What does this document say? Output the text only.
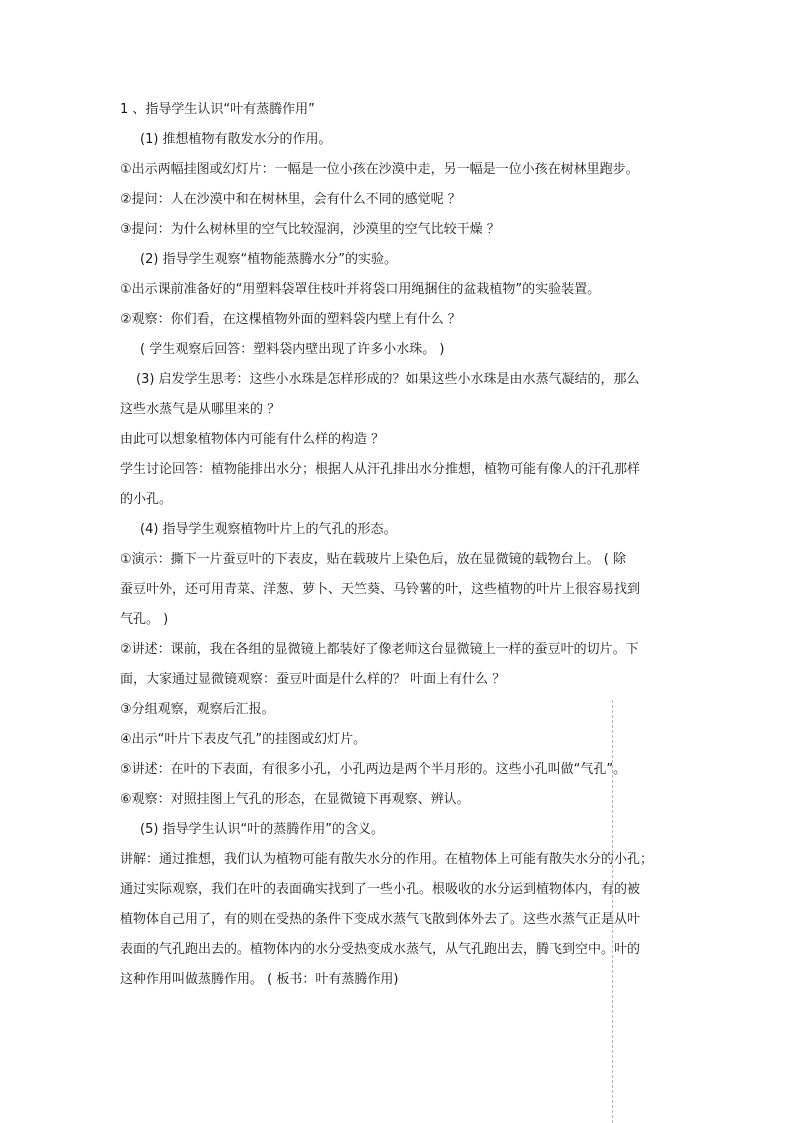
1 、指导学生认识“叶有蒸腾作用”
(1) 推想植物有散发水分的作用。
①出示两幅挂图或幻灯片：一幅是一位小孩在沙漠中走，另一幅是一位小孩在树林里跑步。
②提问：人在沙漠中和在树林里，会有什么不同的感觉呢 ？
③提问：为什么树林里的空气比较湿润，沙漠里的空气比较干燥 ？
(2) 指导学生观察“植物能蒸腾水分”的实验。
①出示课前准备好的“用塑料袋罩住枝叶并将袋口用绳捆住的盆栽植物”的实验装置。
②观察：你们看，在这棵植物外面的塑料袋内壁上有什么 ？
( 学生观察后回答：塑料袋内壁出现了许多小水珠。 )
(3) 启发学生思考：这些小水珠是怎样形成的？如果这些小水珠是由水蒸气凝结的，那么
这些水蒸气是从哪里来的 ？
由此可以想象植物体内可能有什么样的构造 ？
学生讨论回答：植物能排出水分；根据人从汗孔排出水分推想，植物可能有像人的汗孔那样
的小孔。
(4) 指导学生观察植物叶片上的气孔的形态。
①演示：撕下一片蚕豆叶的下表皮，贴在载玻片上染色后，放在显微镜的载物台上。 ( 除
蚕豆叶外，还可用青菜、洋葱、萝卜、天竺葵、马铃薯的叶，这些植物的叶片上很容易找到
气孔。 )
②讲述：课前，我在各组的显微镜上都装好了像老师这台显微镜上一样的蚕豆叶的切片。下
面，大家通过显微镜观察：蚕豆叶面是什么样的？ 叶面上有什么 ？
③分组观察，观察后汇报。
④出示“叶片下表皮气孔”的挂图或幻灯片。
⑤讲述：在叶的下表面，有很多小孔，小孔两边是两个半月形的。这些小孔叫做“气孔”。
⑥观察：对照挂图上气孔的形态，在显微镜下再观察、辨认。
(5) 指导学生认识“叶的蒸腾作用”的含义。
讲解：通过推想，我们认为植物可能有散失水分的作用。在植物体上可能有散失水分的小孔；
通过实际观察，我们在叶的表面确实找到了一些小孔。根吸收的水分运到植物体内，有的被
植物体自己用了，有的则在受热的条件下变成水蒸气飞散到体外去了。这些水蒸气正是从叶
表面的气孔跑出去的。植物体内的水分受热变成水蒸气，从气孔跑出去，腾飞到空中。叶的
这种作用叫做蒸腾作用。 ( 板书：叶有蒸腾作用)
